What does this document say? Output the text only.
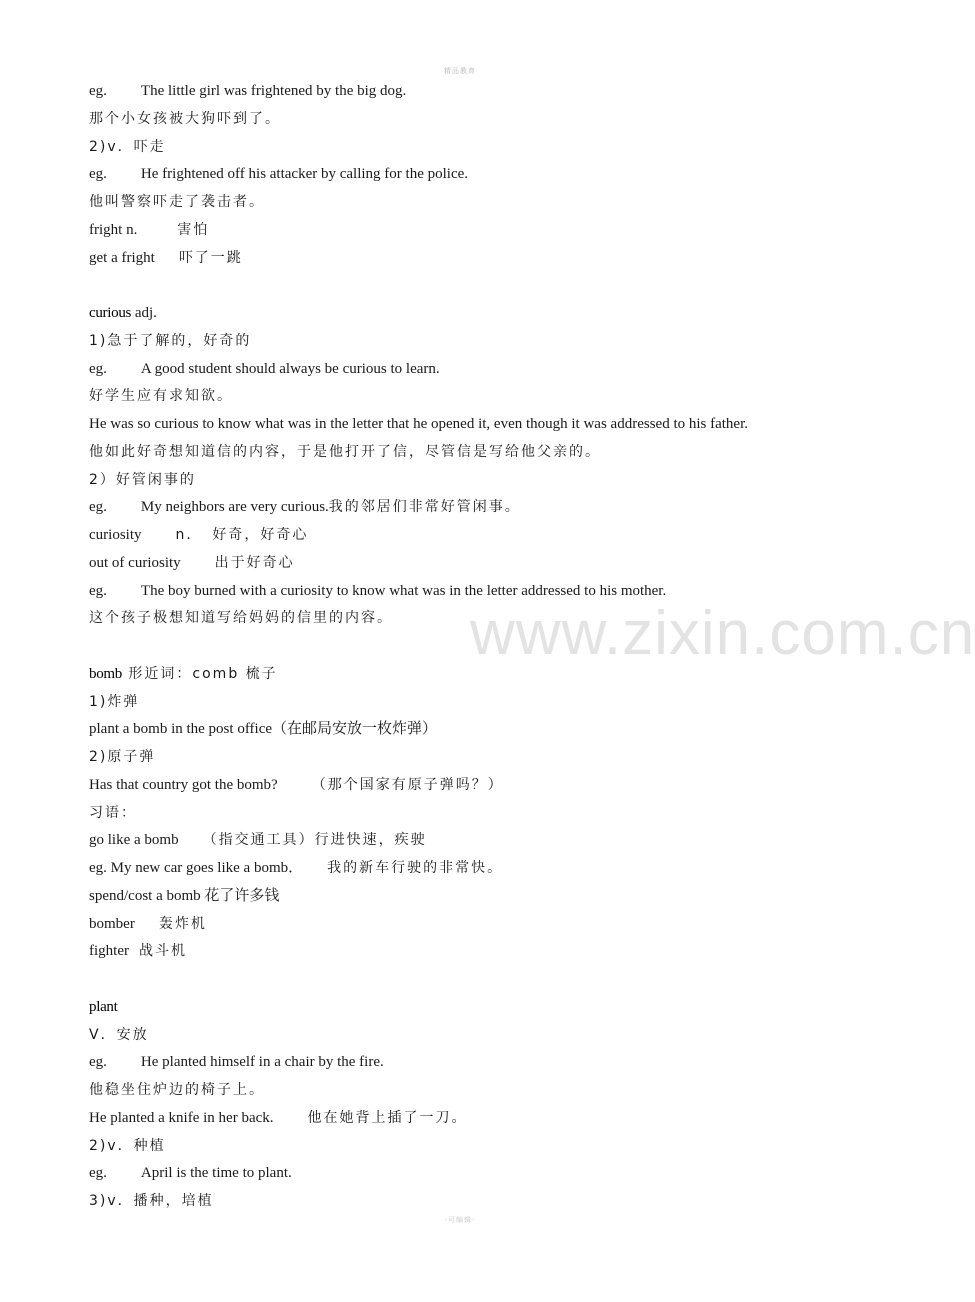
精品教育
www.zixin.com.cn
eg. The little girl was frightened by the big dog.
那个小女孩被大狗吓到了。
2)v．吓走
eg. He frightened off his attacker by calling for the police.
他叫警察吓走了袭击者。
fright n.	害怕
get a fright 吓了一跳
curious adj.
1)急于了解的，好奇的
eg. A good student should always be curious to learn.
好学生应有求知欲。
He was so curious to know what was in the letter that he opened it, even though it was addressed to his father.
他如此好奇想知道信的内容，于是他打开了信，尽管信是写给他父亲的。
2）好管闲事的
eg. My neighbors are very curious.我的邻居们非常好管闲事。
curiosity n． 好奇，好奇心
out of curiosity 出于好奇心
eg. The boy burned with a curiosity to know what was in the letter addressed to his mother.
这个孩子极想知道写给妈妈的信里的内容。
bomb 形近词：comb 梳子
1)炸弹
plant a bomb in the post office（在邮局安放一枚炸弹）
2)原子弹
Has that country got the bomb? （那个国家有原子弹吗？）
习语：
go like a bomb （指交通工具）行进快速，疾驶
eg. My new car goes like a bomb． 我的新车行驶的非常快。
spend/cost a bomb 花了许多钱
bomber 轰炸机
fighter 战斗机
plant
V．安放
eg. He planted himself in a chair by the fire.
他稳坐住炉边的椅子上。
He planted a knife in her back. 他在她背上插了一刀。
2)v．种植
eg. April is the time to plant.
3)v．播种，培植
-可编辑-
